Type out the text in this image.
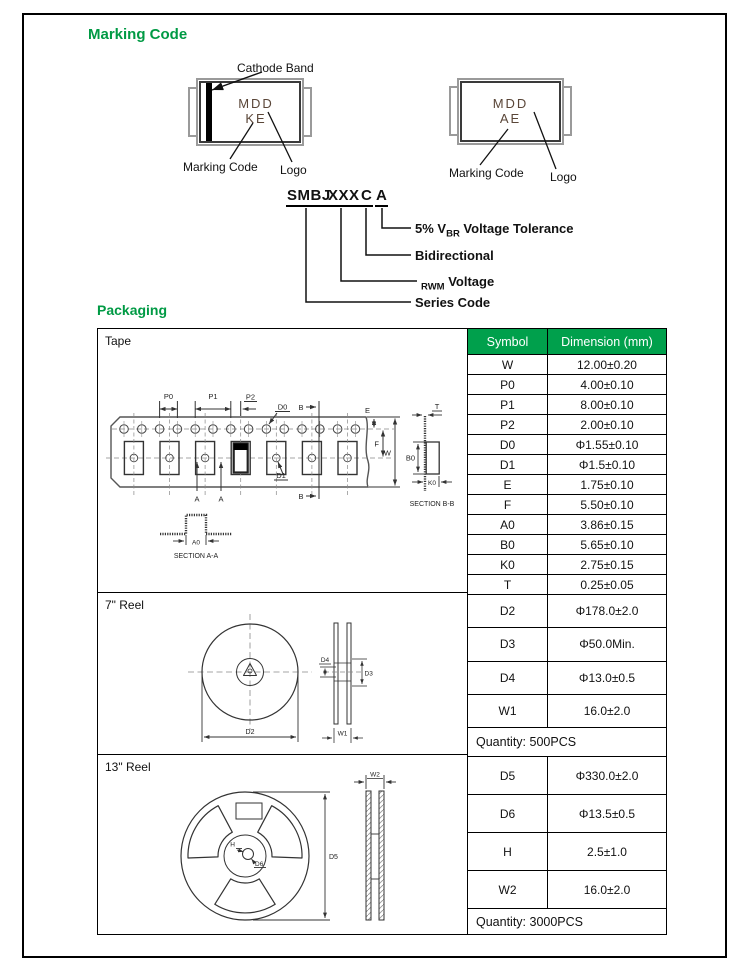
Marking Code
Cathode Band
MDD
KE
Marking Code Logo
MDD
AE
Marking Code Logo
SMBJ
XXX C A
5% $V_{BR}$ Voltage Tolerance
Bidirectional
$_{RWM}$ Voltage
Series Code
Packaging
Tape
P0	P1	P2
D0 B
B
D1
A	A
E
F
W
T
B0
K0
A0
SECTION A-A
SECTION B-B
7" Reel
D2
D4
D3
W1
13" Reel
H
D6
D5
W2
Symbol	Dimension (mm)
W	12.00±0.20
P0	4.00±0.10
P1	8.00±0.10
P2	2.00±0.10
D0	Φ1.55±0.10
D1	Φ1.5±0.10
E	1.75±0.10
F	5.50±0.10
A0	3.86±0.15
B0	5.65±0.10
K0	2.75±0.15
T	0.25±0.05
D2	Φ178.0±2.0
D3	Φ50.0Min.
D4	Φ13.0±0.5
W1	16.0±2.0
Quantity: 500PCS
D5	Φ330.0±2.0
D6	Φ13.5±0.5
H	2.5±1.0
W2	16.0±2.0
Quantity: 3000PCS
